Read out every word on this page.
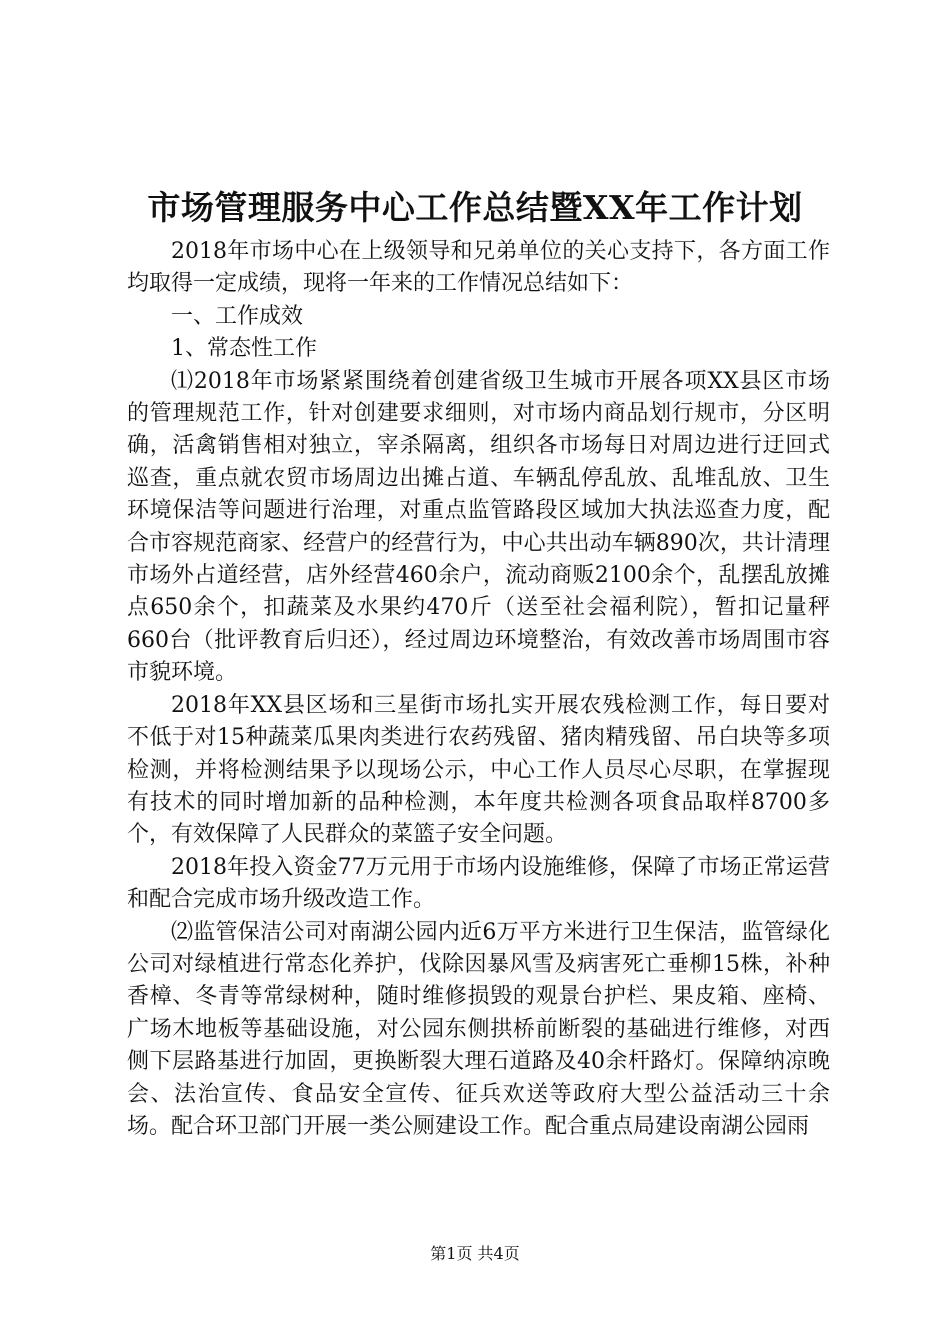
市场管理服务中心工作总结暨XX年工作计划

2018年市场中心在上级领导和兄弟单位的关心支持下，各方面工作均取得一定成绩，现将一年来的工作情况总结如下：

一、工作成效

1、常态性工作

⑴2018年市场紧紧围绕着创建省级卫生城市开展各项XX县区市场的管理规范工作，针对创建要求细则，对市场内商品划行规市，分区明确，活禽销售相对独立，宰杀隔离，组织各市场每日对周边进行迂回式巡查，重点就农贸市场周边出摊占道、车辆乱停乱放、乱堆乱放、卫生环境保洁等问题进行治理，对重点监管路段区域加大执法巡查力度，配合市容规范商家、经营户的经营行为，中心共出动车辆890次，共计清理市场外占道经营，店外经营460余户，流动商贩2100余个，乱摆乱放摊点650余个，扣蔬菜及水果约470斤（送至社会福利院），暂扣记量秤660台（批评教育后归还），经过周边环境整治，有效改善市场周围市容市貌环境。

2018年XX县区场和三星街市场扎实开展农残检测工作，每日要对不低于对15种蔬菜瓜果肉类进行农药残留、猪肉精残留、吊白块等多项检测，并将检测结果予以现场公示，中心工作人员尽心尽职，在掌握现有技术的同时增加新的品种检测，本年度共检测各项食品取样8700多个，有效保障了人民群众的菜篮子安全问题。

2018年投入资金77万元用于市场内设施维修，保障了市场正常运营和配合完成市场升级改造工作。

⑵监管保洁公司对南湖公园内近6万平方米进行卫生保洁，监管绿化公司对绿植进行常态化养护，伐除因暴风雪及病害死亡垂柳15株，补种香樟、冬青等常绿树种，随时维修损毁的观景台护栏、果皮箱、座椅、广场木地板等基础设施，对公园东侧拱桥前断裂的基础进行维修，对西侧下层路基进行加固，更换断裂大理石道路及40余杆路灯。保障纳凉晚会、法治宣传、食品安全宣传、征兵欢送等政府大型公益活动三十余场。配合环卫部门开展一类公厕建设工作。配合重点局建设南湖公园雨

第1页 共4页
